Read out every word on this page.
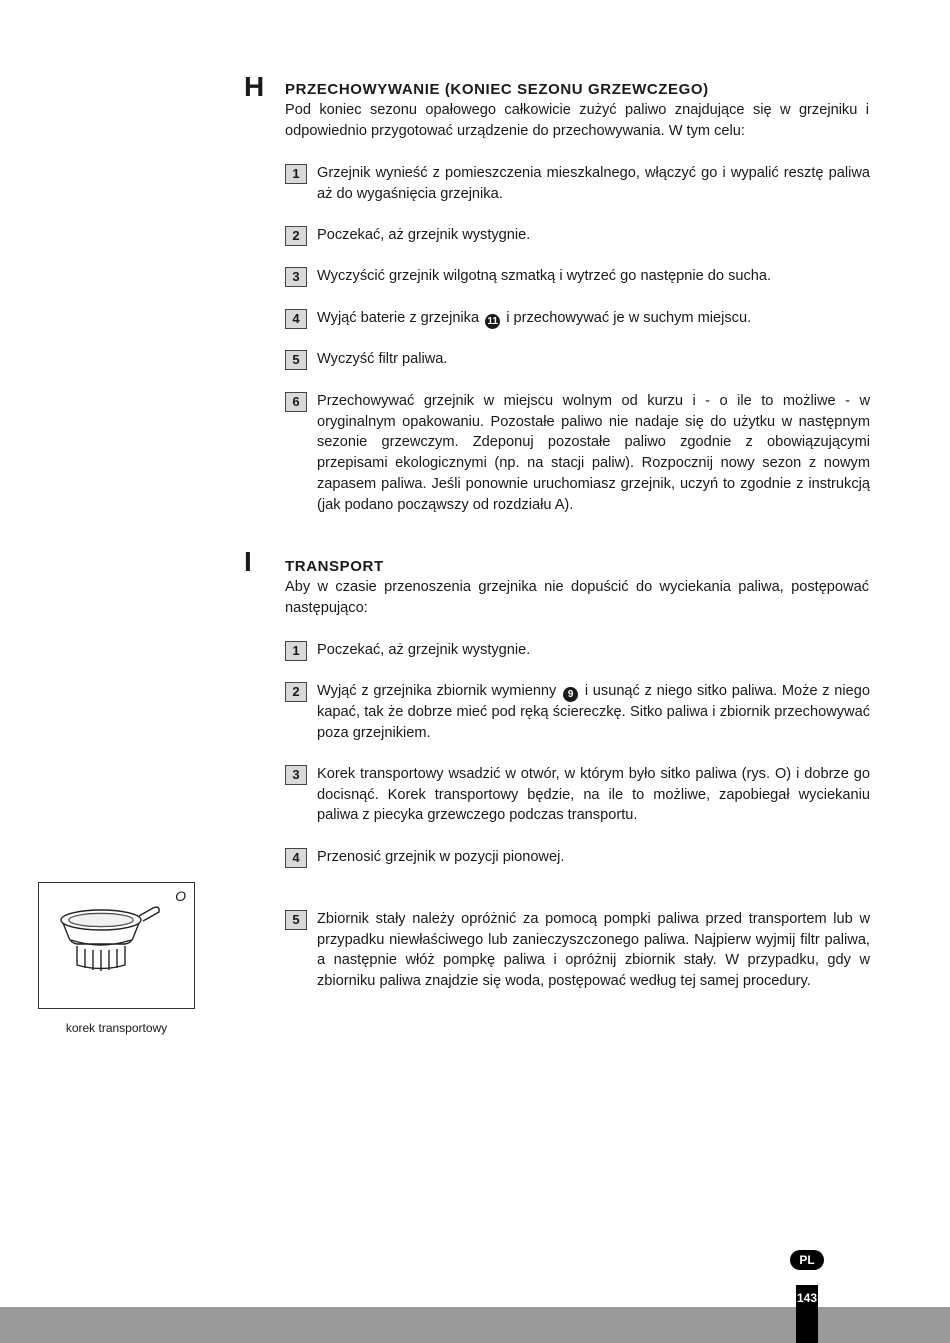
H PRZECHOWYWANIE (KONIEC SEZONU GRZEWCZEGO)
Pod koniec sezonu opałowego całkowicie zużyć paliwo znajdujące się w grzejniku i odpowiednio przygotować urządzenie do przechowywania. W tym celu:
1	Grzejnik wynieść z pomieszczenia mieszkalnego, włączyć go i wypalić resztę paliwa aż do wygaśnięcia grzejnika.
2	Poczekać, aż grzejnik wystygnie.
3	Wyczyścić grzejnik wilgotną szmatką i wytrzeć go następnie do sucha.
4	Wyjąć baterie z grzejnika 11 i przechowywać je w suchym miejscu.
5	Wyczyść filtr paliwa.
6	Przechowywać grzejnik w miejscu wolnym od kurzu i - o ile to możliwe - w oryginalnym opakowaniu. Pozostałe paliwo nie nadaje się do użytku w następnym sezonie grzewczym. Zdeponuj pozostałe paliwo zgodnie z obowiązującymi przepisami ekologicznymi (np. na stacji paliw). Rozpocznij nowy sezon z nowym zapasem paliwa. Jeśli ponownie uruchomiasz grzejnik, uczyń to zgodnie z instrukcją (jak podano począwszy od rozdziału A).
I TRANSPORT
Aby w czasie przenoszenia grzejnika nie dopuścić do wyciekania paliwa, postępować następująco:
1	Poczekać, aż grzejnik wystygnie.
2	Wyjąć z grzejnika zbiornik wymienny 9 i usunąć z niego sitko paliwa. Może z niego kapać, tak że dobrze mieć pod ręką ściereczkę. Sitko paliwa i zbiornik przechowywać poza grzejnikiem.
3	Korek transportowy wsadzić w otwór, w którym było sitko paliwa (rys. O) i dobrze go docisnąć. Korek transportowy będzie, na ile to możliwe, zapobiegał wyciekaniu paliwa z piecyka grzewczego podczas transportu.
4	Przenosić grzejnik w pozycji pionowej.
5	Zbiornik stały należy opróżnić za pomocą pompki paliwa przed transportem lub w przypadku niewłaściwego lub zanieczyszczonego paliwa. Najpierw wyjmij filtr paliwa, a następnie włóż pompkę paliwa i opróżnij zbiornik stały. W przypadku, gdy w zbiorniku paliwa znajdzie się woda, postępować według tej samej procedury.
O
korek transportowy
PL
143
